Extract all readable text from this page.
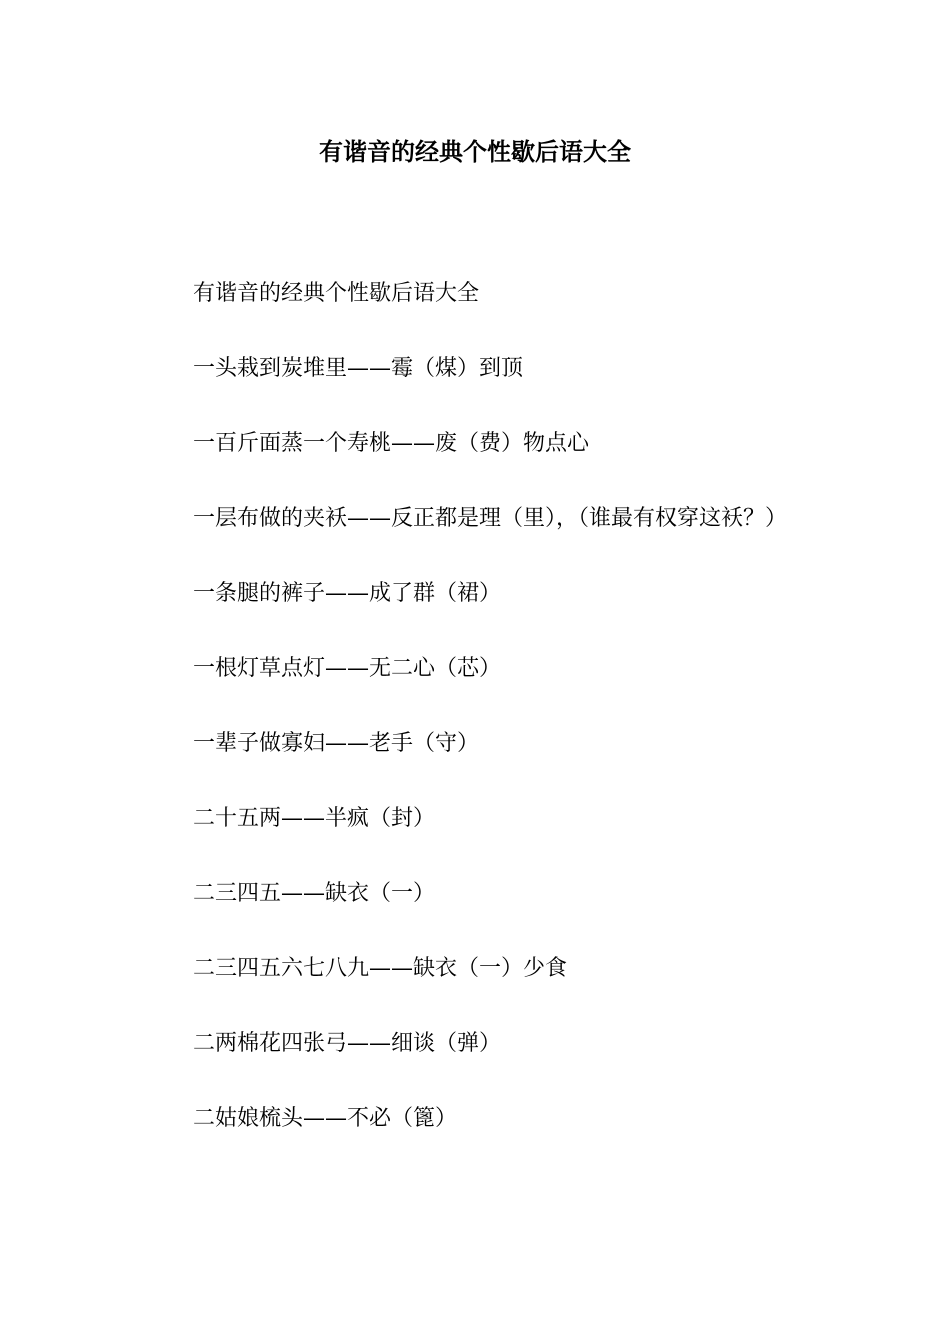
有谐音的经典个性歇后语大全

有谐音的经典个性歇后语大全

一头栽到炭堆里——霉（煤）到顶

一百斤面蒸一个寿桃——废（费）物点心

一层布做的夹袄——反正都是理（里），（谁最有权穿这袄？）

一条腿的裤子——成了群（裙）

一根灯草点灯——无二心（芯）

一辈子做寡妇——老手（守）

二十五两——半疯（封）

二三四五——缺衣（一）

二三四五六七八九——缺衣（一）少食

二两棉花四张弓——细谈（弹）

二姑娘梳头——不必（篦）
